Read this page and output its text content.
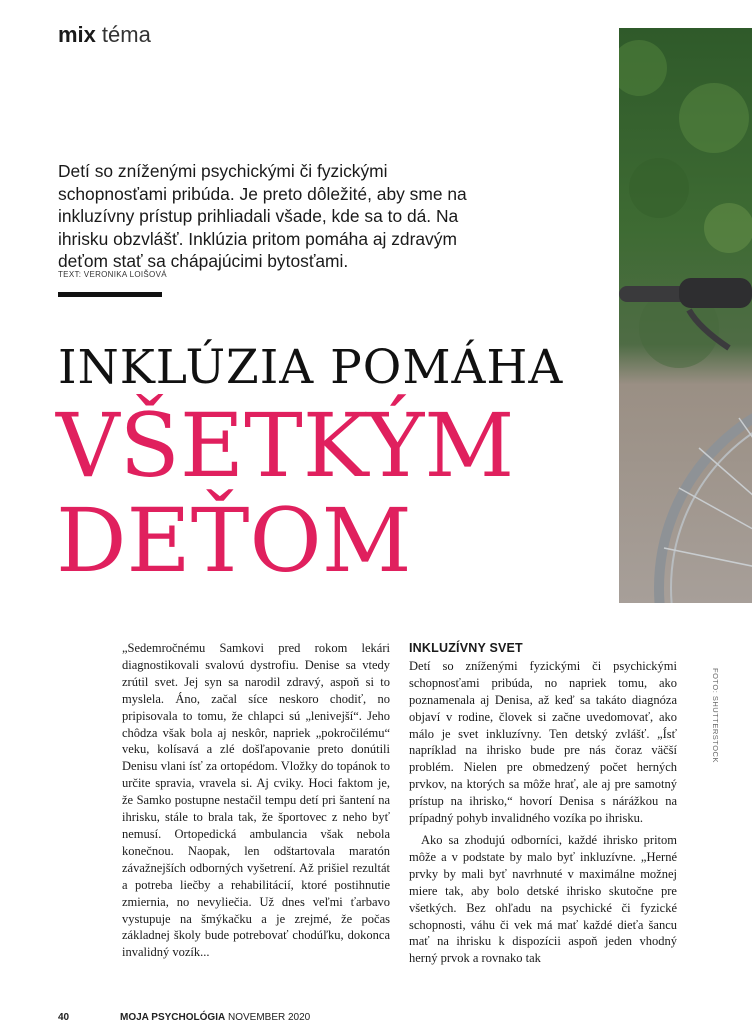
mix téma

Detí so zníženými psychickými či fyzickými schopnosťami pribúda. Je preto dôležité, aby sme na inkluzívny prístup prihliadali všade, kde sa to dá. Na ihrisku obzvlášť. Inklúzia pritom pomáha aj zdravým deťom stať sa chápajúcimi bytosťami.

TEXT: VERONIKA LOIŠOVÁ
INKLÚZIA POMÁHA
VŠETKÝM
DEŤOM

„Sedemročnému Samkovi pred rokom lekári diagnostikovali svalovú dystrofiu. Denise sa vtedy zrútil svet. Jej syn sa narodil zdravý, aspoň si to myslela. Áno, začal síce neskoro chodiť, no pripisovala to tomu, že chlapci sú „lenivejší“. Jeho chôdza však bola aj neskôr, napriek „pokročilému“ veku, kolísavá a zlé došľapovanie preto donútili Denisu vlani ísť za ortopédom. Vložky do topánok to určite spravia, vravela si. Aj cviky. Hoci faktom je, že Samko postupne nestačil tempu detí pri šantení na ihrisku, stále to brala tak, že športovec z neho byť nemusí. Ortopedická ambulancia však nebola konečnou. Naopak, len odštartovala maratón závažnejších odborných vyšetrení. Až prišiel rezultát a potreba liečby a rehabilitácií, ktoré postihnutie zmiernia, no nevyliečia. Už dnes veľmi ťarbavo vystupuje na šmýkačku a je zrejmé, že počas základnej školy bude potrebovať chodúľku, dokonca invalidný vozík...

INKLUZÍVNY SVET

Detí so zníženými fyzickými či psychickými schopnosťami pribúda, no napriek tomu, ako poznamenala aj Denisa, až keď sa takáto diagnóza objaví v rodine, človek si začne uvedomovať, ako málo je svet inkluzívny. Ten detský zvlášť. „Ísť napríklad na ihrisko bude pre nás čoraz väčší problém. Nielen pre obmedzený počet herných prvkov, na ktorých sa môže hrať, ale aj pre samotný prístup na ihrisko,“ hovorí Denisa s nárážkou na prípadný pohyb invalidného vozíka po ihrisku.

Ako sa zhodujú odborníci, každé ihrisko pritom môže a v podstate by malo byť inkluzívne. „Herné prvky by mali byť navrhnuté v maximálne možnej miere tak, aby bolo detské ihrisko skutočne pre všetkých. Bez ohľadu na psychické či fyzické schopnosti, váhu či vek má mať každé dieťa šancu mať na ihrisku k dispozícii aspoň jeden vhodný herný prvok a rovnako tak

FOTO: SHUTTERSTOCK
40	MOJA PSYCHOLÓGIA NOVEMBER 2020
